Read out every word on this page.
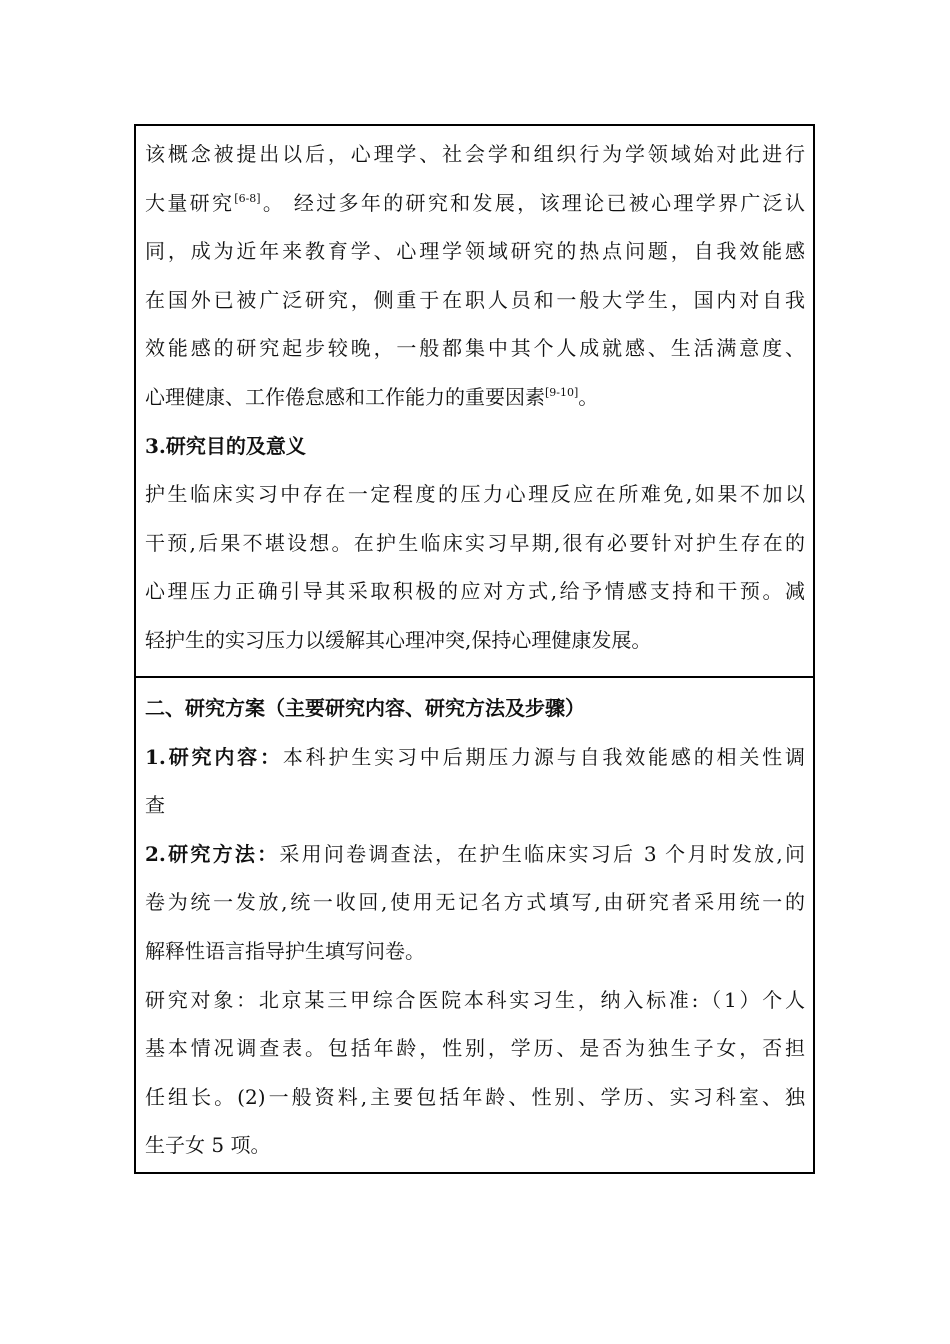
该概念被提出以后，心理学、社会学和组织行为学领域始对此进行
大量研究[6-8]。 经过多年的研究和发展，该理论已被心理学界广泛认
同，成为近年来教育学、心理学领域研究的热点问题，自我效能感
在国外已被广泛研究，侧重于在职人员和一般大学生，国内对自我
效能感的研究起步较晚，一般都集中其个人成就感、生活满意度、
心理健康、工作倦怠感和工作能力的重要因素[9-10]。
3.研究目的及意义
护生临床实习中存在一定程度的压力心理反应在所难免,如果不加以
干预,后果不堪设想。在护生临床实习早期,很有必要针对护生存在的
心理压力正确引导其采取积极的应对方式,给予情感支持和干预。减
轻护生的实习压力以缓解其心理冲突,保持心理健康发展。
二、研究方案（主要研究内容、研究方法及步骤）
1.研究内容：本科护生实习中后期压力源与自我效能感的相关性调
查
2.研究方法：采用问卷调查法，在护生临床实习后 3 个月时发放,问
卷为统一发放,统一收回,使用无记名方式填写,由研究者采用统一的
解释性语言指导护生填写问卷。
研究对象：北京某三甲综合医院本科实习生，纳入标准:（1）个人
基本情况调查表。包括年龄，性别，学历、是否为独生子女，否担
任组长。(2)一般资料,主要包括年龄、性别、学历、实习科室、独
生子女 5 项。
